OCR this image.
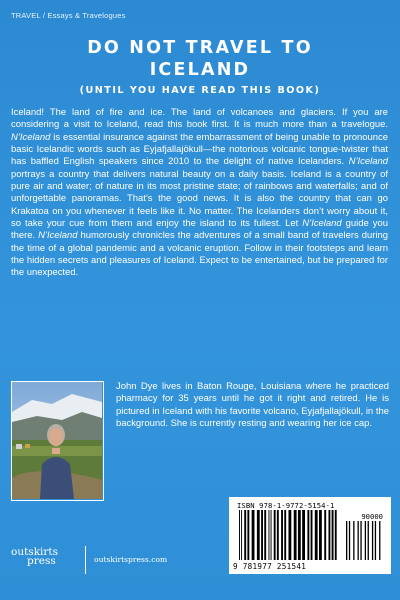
TRAVEL / Essays & Travelogues
DO NOT TRAVEL TO
ICELAND
(UNTIL YOU HAVE READ THIS BOOK)

Iceland! The land of fire and ice. The land of volcanoes and glaciers. If you are considering a visit to Iceland, read this book first. It is much more than a travelogue. N’Iceland is essential insurance against the embarrassment of being unable to pronounce basic Icelandic words such as Eyjafjallajökull—the notorious volcanic tongue-twister that has baffled English speakers since 2010 to the delight of native Icelanders. N’Iceland portrays a country that delivers natural beauty on a daily basis. Iceland is a country of pure air and water; of nature in its most pristine state; of rainbows and waterfalls; and of unforgettable panoramas. That’s the good news. It is also the country that can go Krakatoa on you whenever it feels like it. No matter. The Icelanders don’t worry about it, so take your cue from them and enjoy the island to its fullest. Let N’Iceland guide you there. N’Iceland humorously chronicles the adventures of a small band of travelers during the time of a global pandemic and a volcanic eruption. Follow in their footsteps and learn the hidden secrets and pleasures of Iceland. Expect to be entertained, but be prepared for the unexpected.

John Dye lives in Baton Rouge, Louisiana where he practiced pharmacy for 35 years until he got it right and retired. He is pictured in Iceland with his favorite volcano, Eyjafjallajökull, in the background. She is currently resting and wearing her ice cap.

ISBN 978-1-9772-5154-1
90000
9 781977 251541
outskirts
press	outskirtspress.com
